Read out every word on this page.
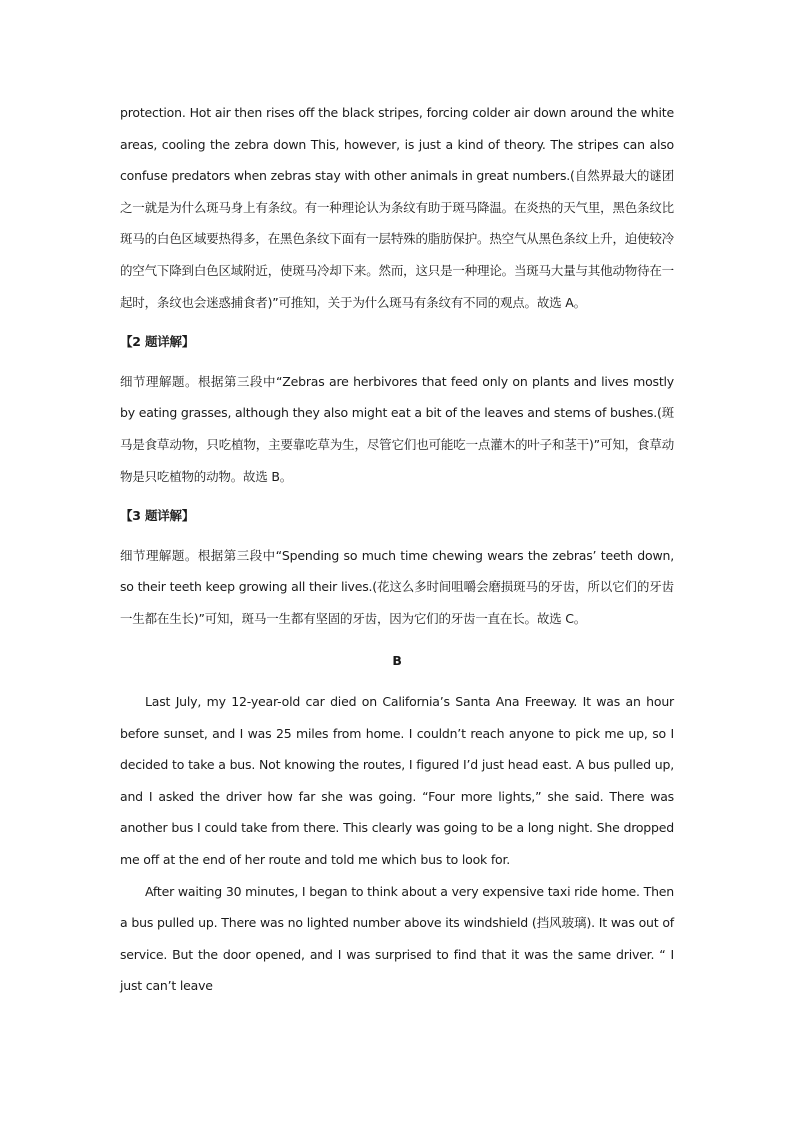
protection. Hot air then rises off the black stripes, forcing colder air down around the white areas, cooling the zebra down This, however, is just a kind of theory. The stripes can also confuse predators when zebras stay with other animals in great numbers.(自然界最大的谜团之一就是为什么斑马身上有条纹。有一种理论认为条纹有助于斑马降温。在炎热的天气里，黑色条纹比斑马的白色区域要热得多，在黑色条纹下面有一层特殊的脂肪保护。热空气从黑色条纹上升，迫使较冷的空气下降到白色区域附近，使斑马冷却下来。然而，这只是一种理论。当斑马大量与其他动物待在一起时，条纹也会迷惑捕食者)”可推知，关于为什么斑马有条纹有不同的观点。故选 A。

【2 题详解】

细节理解题。根据第三段中“Zebras are herbivores that feed only on plants and lives mostly by eating grasses, although they also might eat a bit of the leaves and stems of bushes.(斑马是食草动物，只吃植物，主要靠吃草为生，尽管它们也可能吃一点灌木的叶子和茎干)”可知，食草动物是只吃植物的动物。故选 B。

【3 题详解】

细节理解题。根据第三段中“Spending so much time chewing wears the zebras’ teeth down, so their teeth keep growing all their lives.(花这么多时间咀嚼会磨损斑马的牙齿，所以它们的牙齿一生都在生长)”可知，斑马一生都有坚固的牙齿，因为它们的牙齿一直在长。故选 C。

B

Last July, my 12-year-old car died on California’s Santa Ana Freeway. It was an hour before sunset, and I was 25 miles from home. I couldn’t reach anyone to pick me up, so I decided to take a bus. Not knowing the routes, I figured I’d just head east. A bus pulled up, and I asked the driver how far she was going. “Four more lights,” she said. There was another bus I could take from there. This clearly was going to be a long night. She dropped me off at the end of her route and told me which bus to look for.

After waiting 30 minutes, I began to think about a very expensive taxi ride home. Then a bus pulled up. There was no lighted number above its windshield (挡风玻璃). It was out of service. But the door opened, and I was surprised to find that it was the same driver. “ I just can’t leave
